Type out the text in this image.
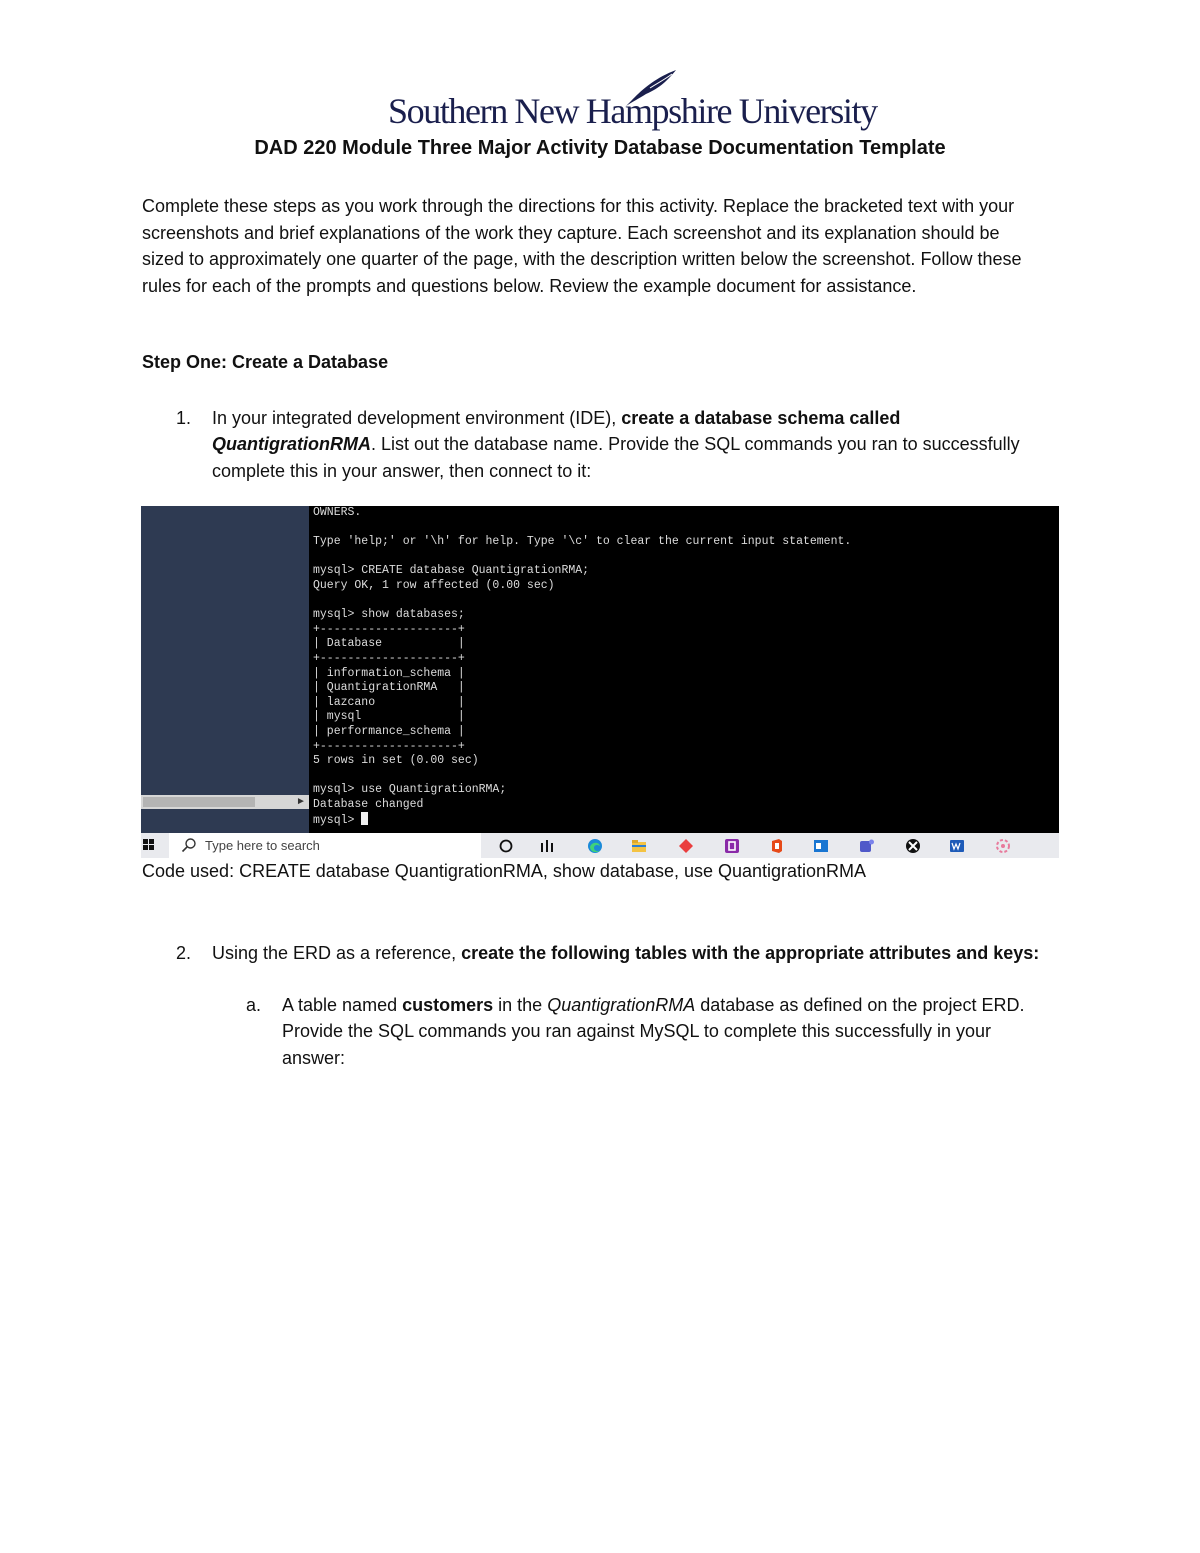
Southern New Hampshire University
DAD 220 Module Three Major Activity Database Documentation Template

Complete these steps as you work through the directions for this activity. Replace the bracketed text with your screenshots and brief explanations of the work they capture. Each screenshot and its explanation should be sized to approximately one quarter of the page, with the description written below the screenshot. Follow these rules for each of the prompts and questions below. Review the example document for assistance.

Step One: Create a Database
1. In your integrated development environment (IDE), create a database schema called QuantigrationRMA. List out the database name. Provide the SQL commands you ran to successfully complete this in your answer, then connect to it:
►
OWNERS.

Type 'help;' or '\h' for help. Type '\c' to clear the current input statement.

mysql> CREATE database QuantigrationRMA;
Query OK, 1 row affected (0.00 sec)

mysql> show databases;
+--------------------+
| Database           |
+--------------------+
| information_schema |
| QuantigrationRMA   |
| lazcano            |
| mysql              |
| performance_schema |
+--------------------+
5 rows in set (0.00 sec)

mysql> use QuantigrationRMA;
Database changed
mysql>
Type here to search

Code used: CREATE database QuantigrationRMA, show database, use QuantigrationRMA

2. Using the ERD as a reference, create the following tables with the appropriate attributes and keys:
a. A table named customers in the QuantigrationRMA database as defined on the project ERD. Provide the SQL commands you ran against MySQL to complete this successfully in your answer:
